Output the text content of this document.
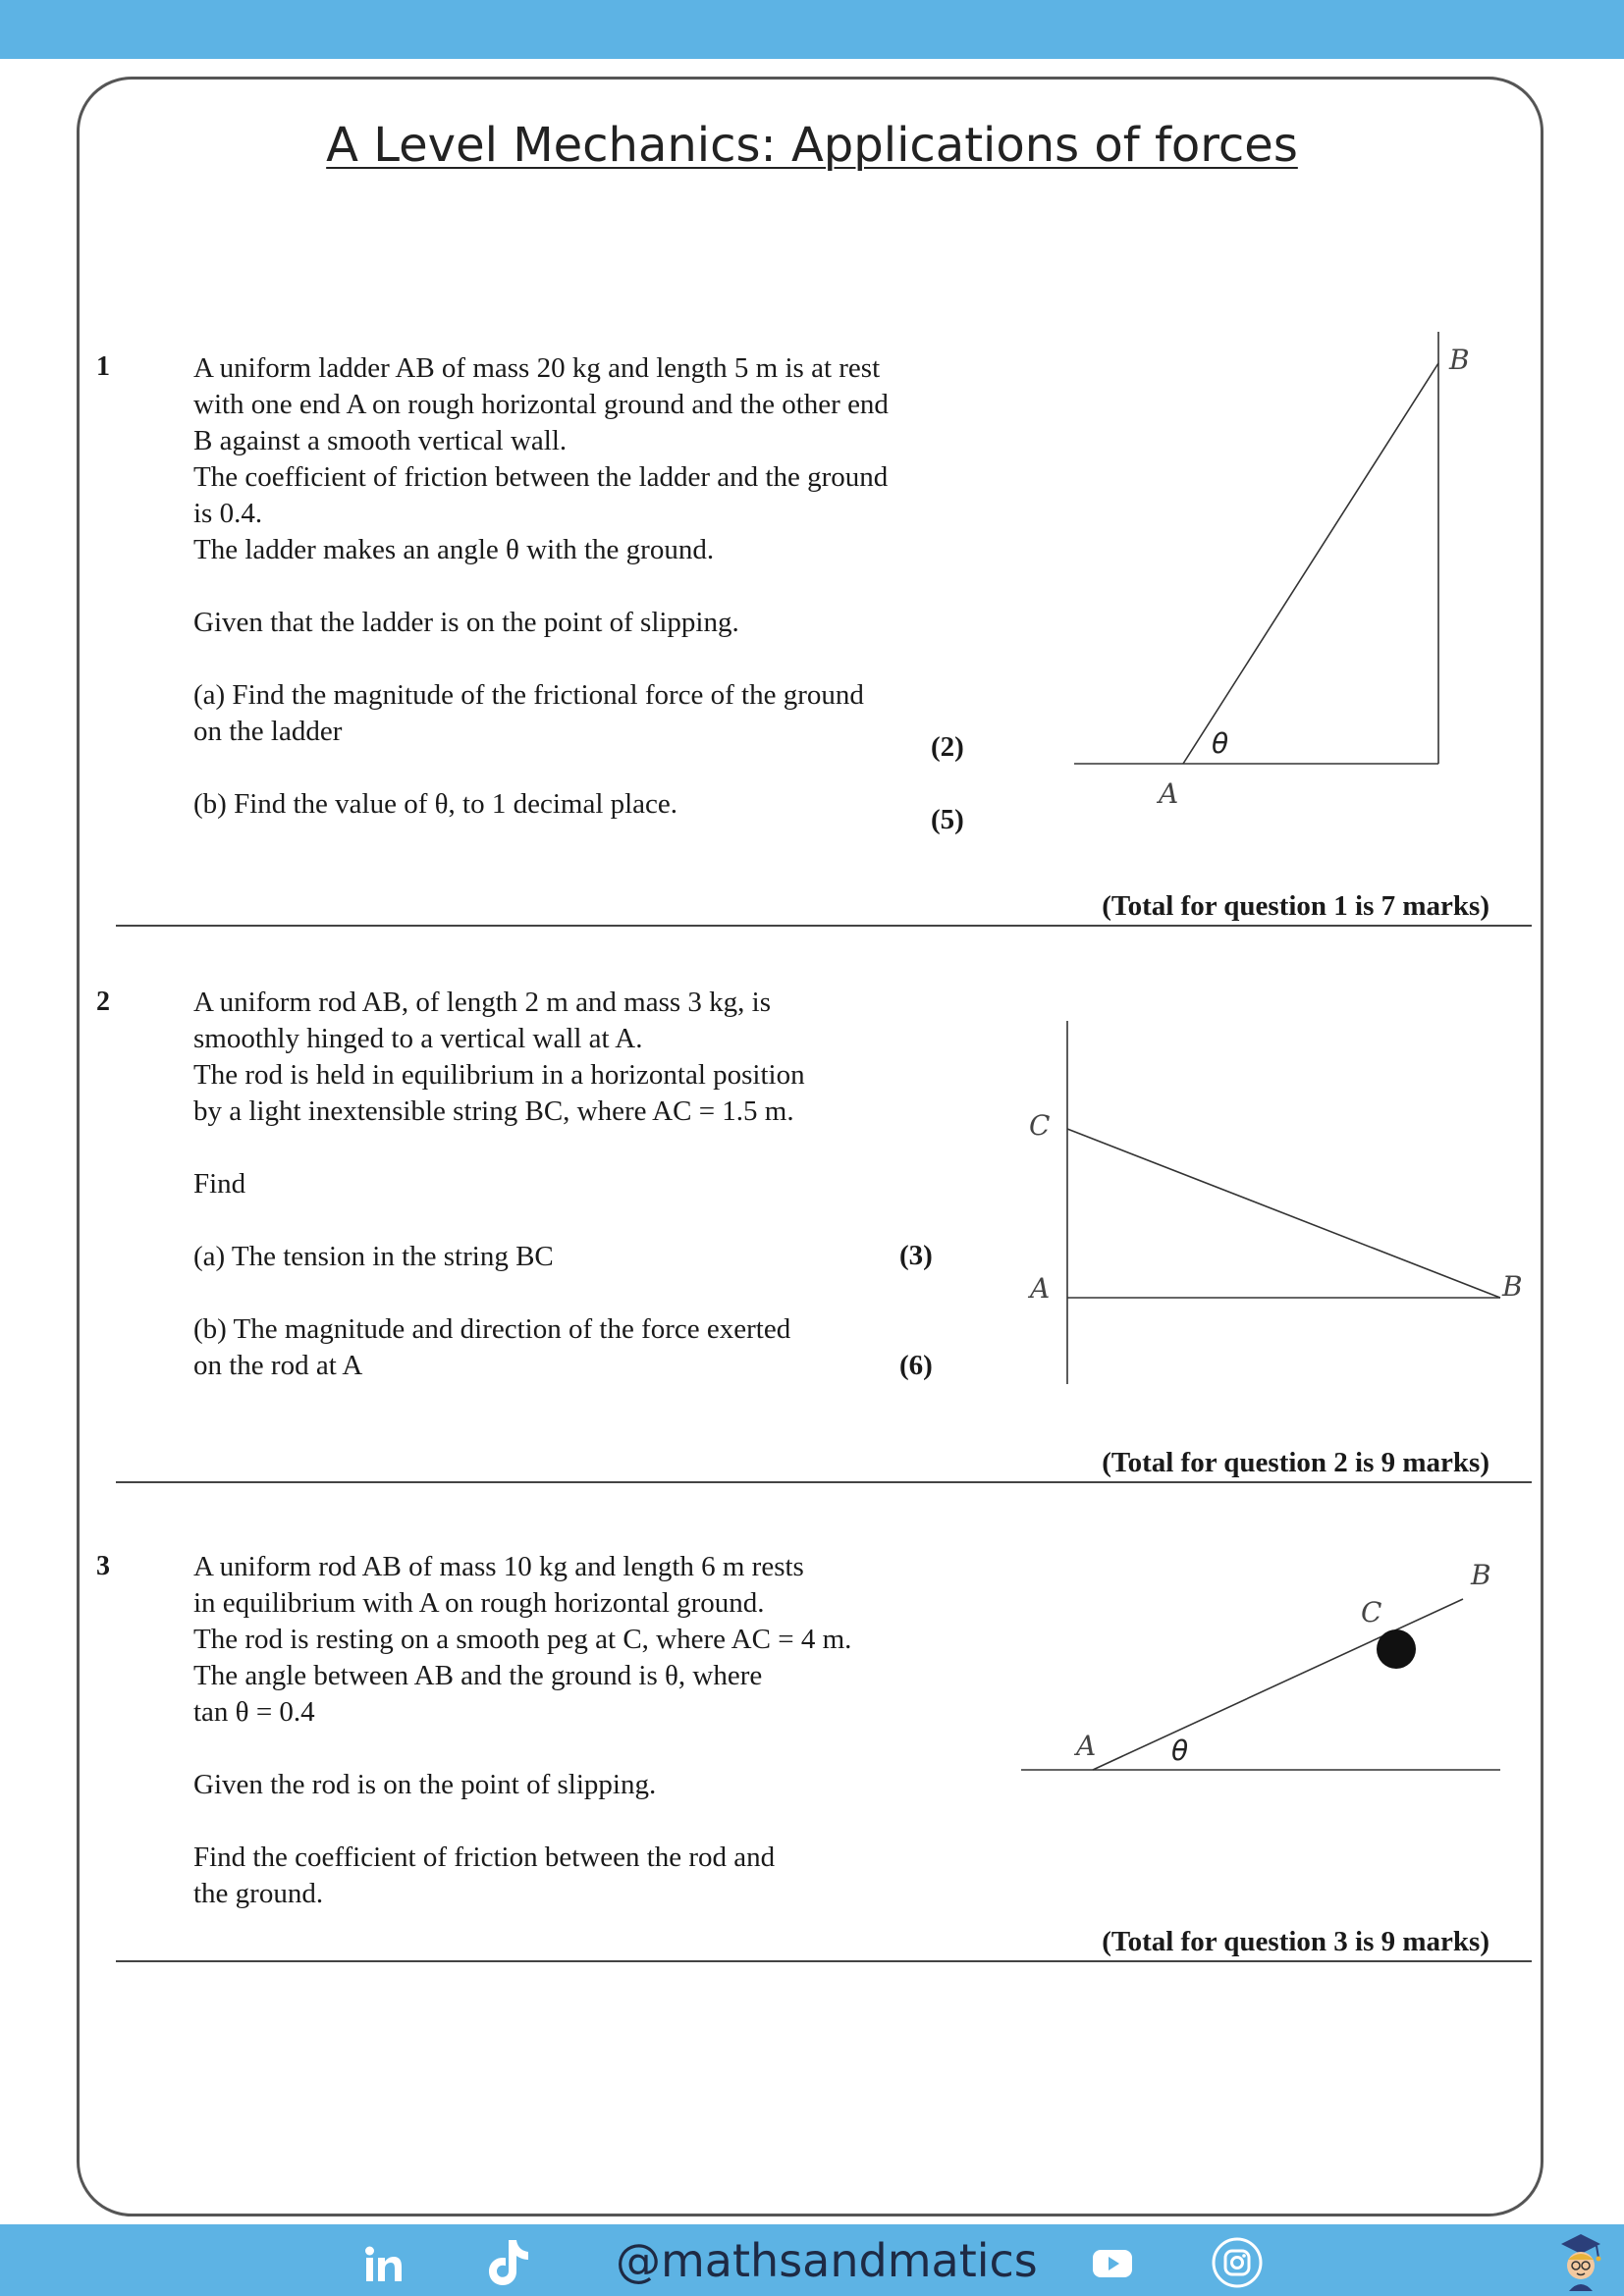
A Level Mechanics: Applications of forces
1	A uniform ladder AB of mass 20 kg and length 5 m is at rest

with one end A on rough horizontal ground and the other end

B against a smooth vertical wall.

The coefficient of friction between the ladder and the ground

is 0.4.

The ladder makes an angle θ with the ground.

Given that the ladder is on the point of slipping.

(a) Find the magnitude of the frictional force of the ground

on the ladder

(b) Find the value of θ, to 1 decimal place.

(2)
(5)
(Total for question 1 is 7 marks)
2	A uniform rod AB, of length 2 m and mass 3 kg, is

smoothly hinged to a vertical wall at A.

The rod is held in equilibrium in a horizontal position

by a light inextensible string BC, where AC = 1.5 m.

Find

(a) The tension in the string BC

(b) The magnitude and direction of the force exerted

on the rod at A

(3)
(6)
(Total for question 2 is 9 marks)
3	A uniform rod AB of mass 10 kg and length 6 m rests

in equilibrium with A on rough horizontal ground.

The rod is resting on a smooth peg at C, where AC = 4 m.

The angle between AB and the ground is θ, where

tan θ = 0.4

Given the rod is on the point of slipping.

Find the coefficient of friction between the rod and

the ground.

(Total for question 3 is 9 marks)
B
A
θ
C
A	B
B
C
A	θ
@mathsandmatics
